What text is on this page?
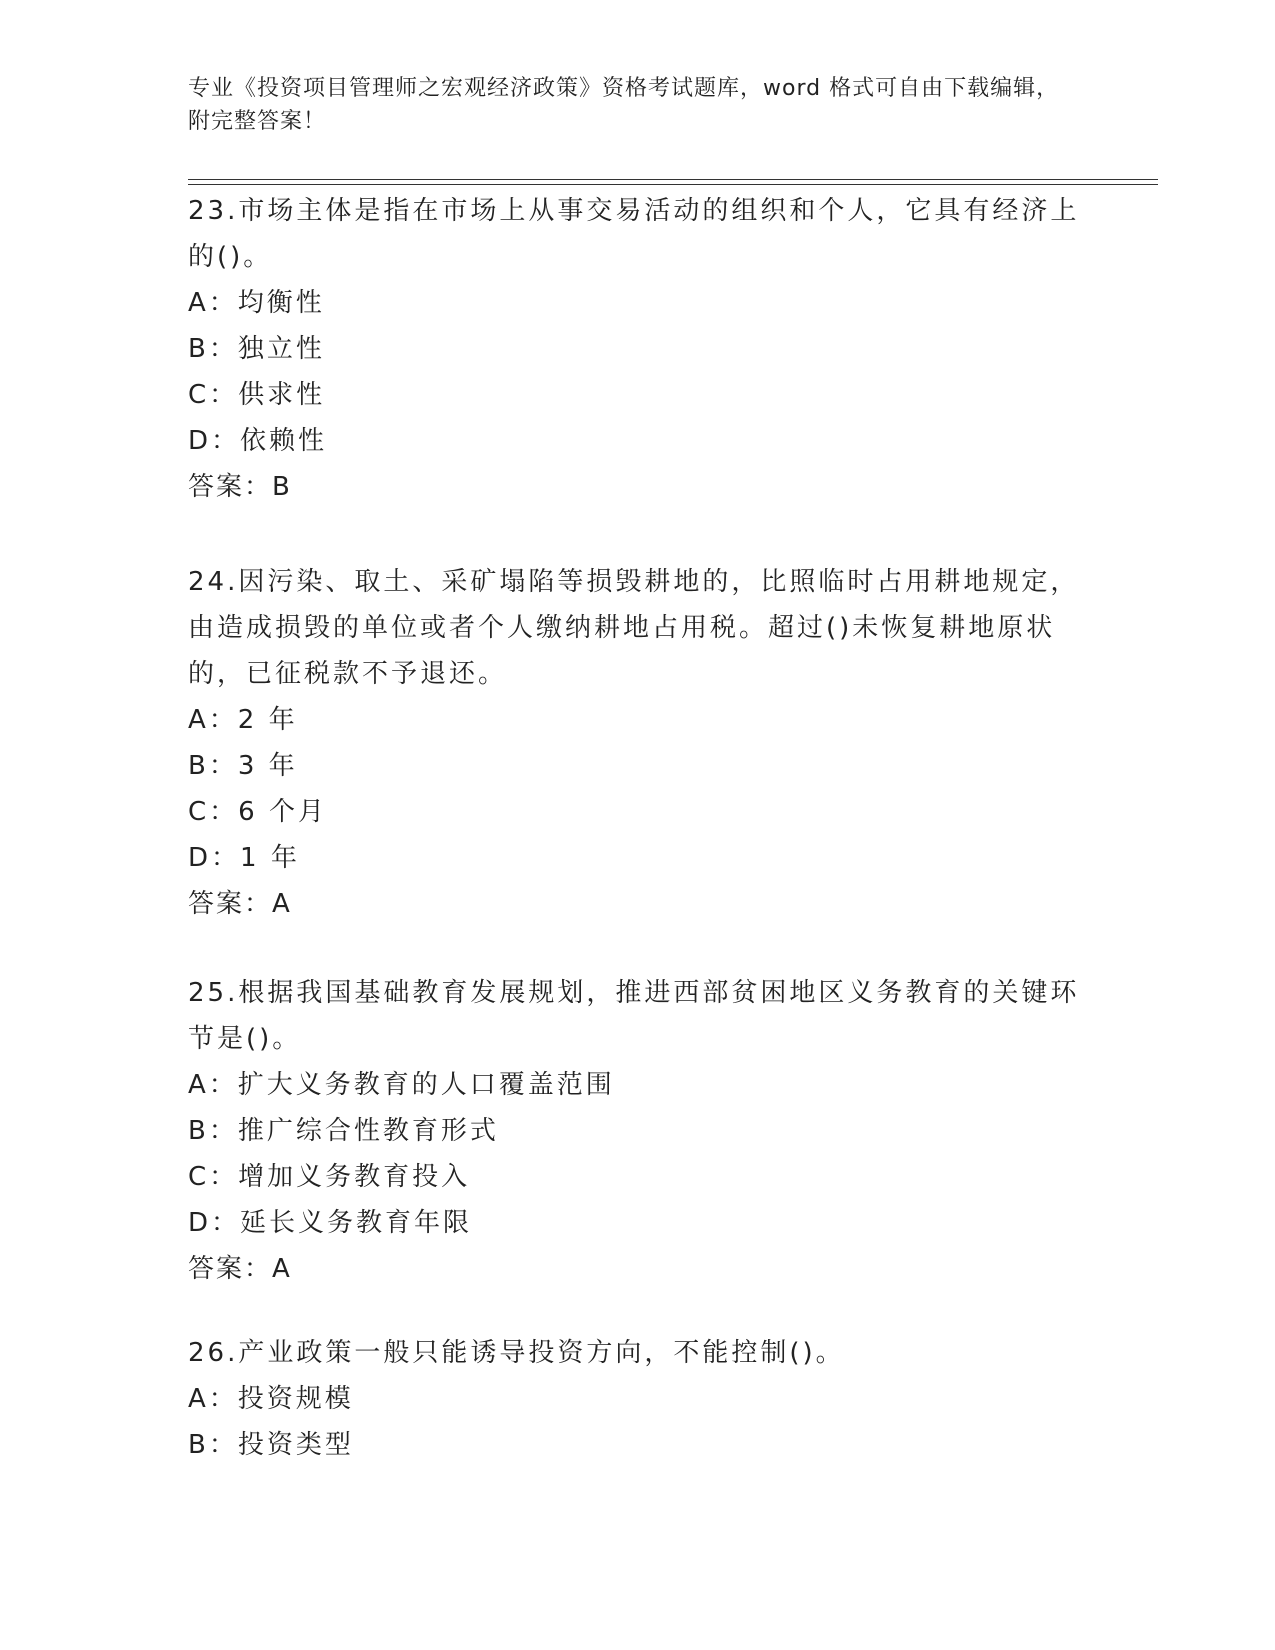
专业《投资项目管理师之宏观经济政策》资格考试题库，word 格式可自由下载编辑，附完整答案！
23.市场主体是指在市场上从事交易活动的组织和个人，它具有经济上的()。
A：均衡性
B：独立性
C：供求性
D：依赖性
答案：B
24.因污染、取土、采矿塌陷等损毁耕地的，比照临时占用耕地规定，由造成损毁的单位或者个人缴纳耕地占用税。超过()未恢复耕地原状的，已征税款不予退还。
A：2 年
B：3 年
C：6 个月
D：1 年
答案：A
25.根据我国基础教育发展规划，推进西部贫困地区义务教育的关键环节是()。
A：扩大义务教育的人口覆盖范围
B：推广综合性教育形式
C：增加义务教育投入
D：延长义务教育年限
答案：A
26.产业政策一般只能诱导投资方向，不能控制()。
A：投资规模
B：投资类型
